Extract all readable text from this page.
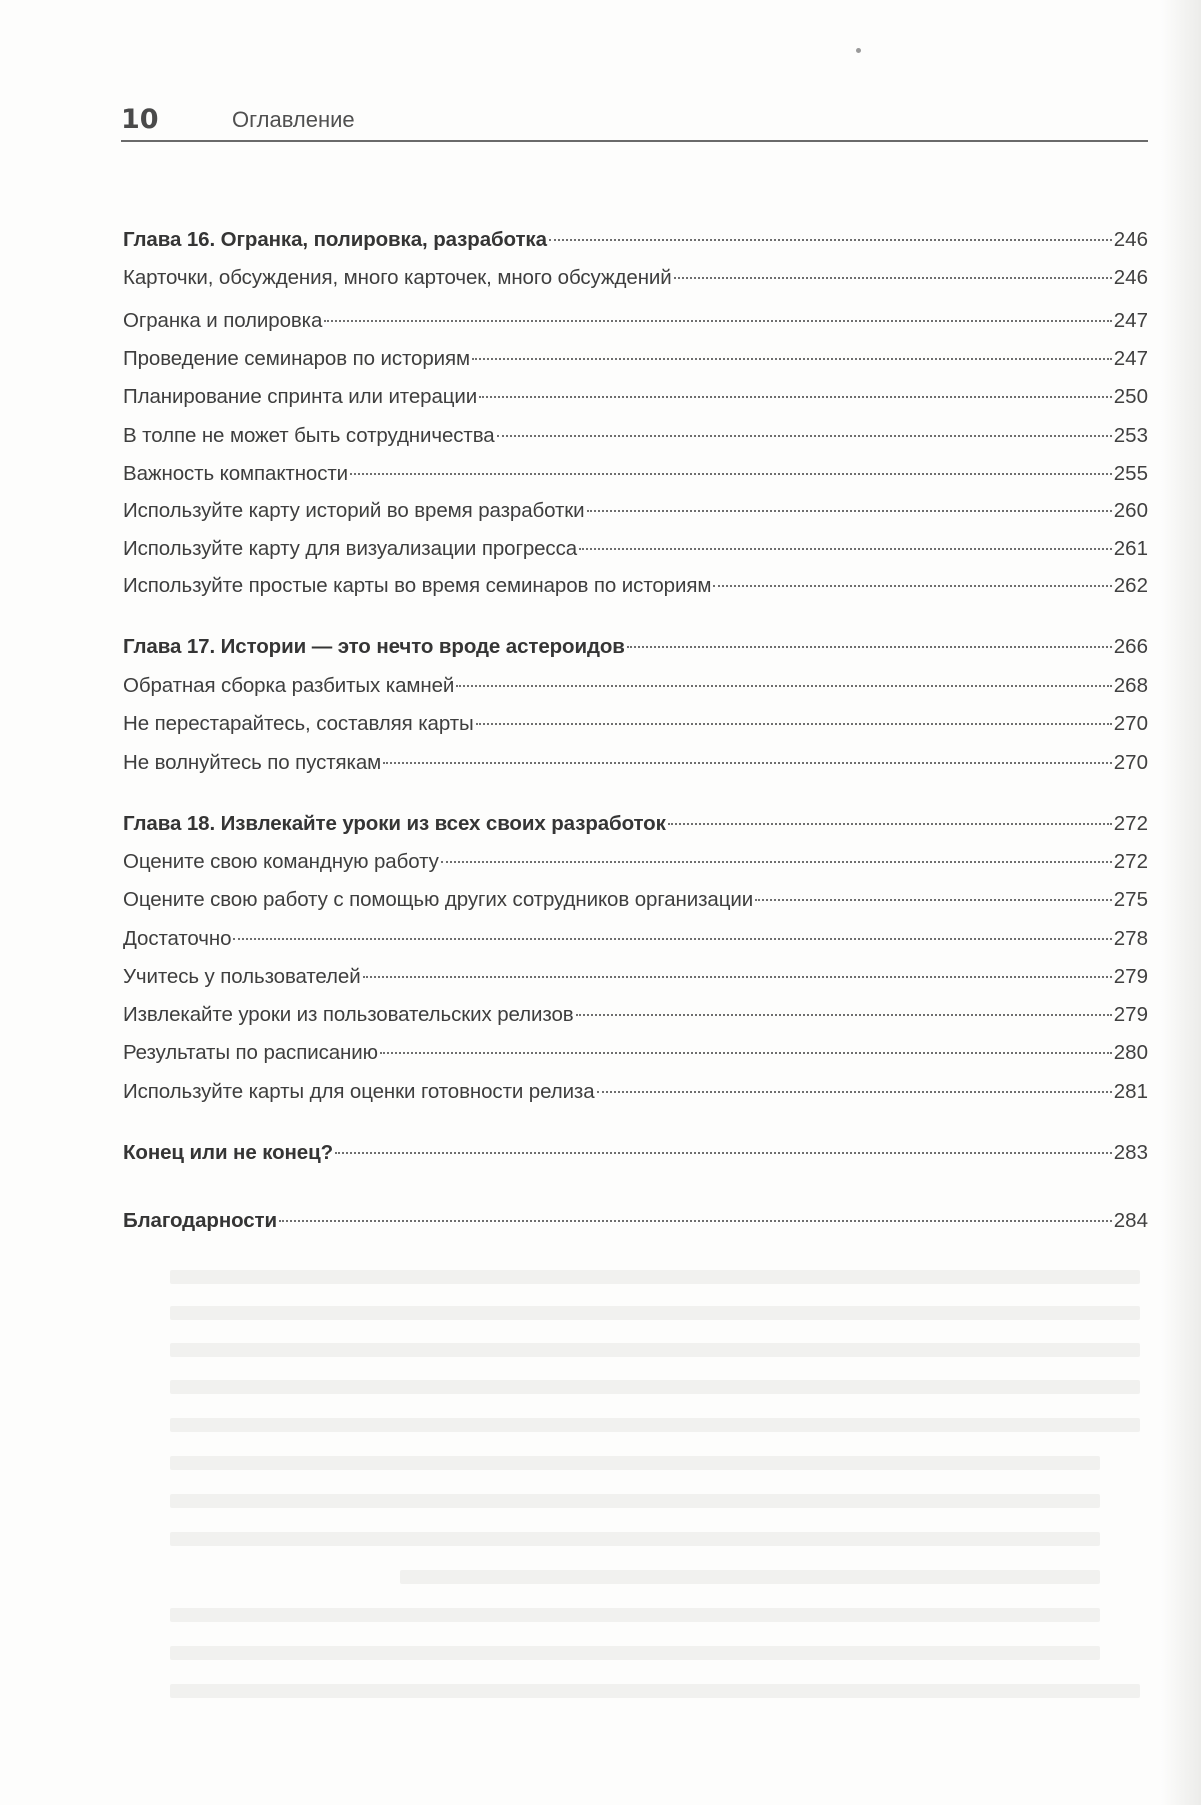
10	Оглавление
Глава 16. Огранка, полировка, разработка	246
Карточки, обсуждения, много карточек, много обсуждений	246
Огранка и полировка	247
Проведение семинаров по историям	247
Планирование спринта или итерации	250
В толпе не может быть сотрудничества	253
Важность компактности	255
Используйте карту историй во время разработки	260
Используйте карту для визуализации прогресса	261
Используйте простые карты во время семинаров по историям	262
Глава 17. Истории — это нечто вроде астероидов	266
Обратная сборка разбитых камней	268
Не перестарайтесь, составляя карты	270
Не волнуйтесь по пустякам	270
Глава 18. Извлекайте уроки из всех своих разработок	272
Оцените свою командную работу	272
Оцените свою работу с помощью других сотрудников организации	275
Достаточно	278
Учитесь у пользователей	279
Извлекайте уроки из пользовательских релизов	279
Результаты по расписанию	280
Используйте карты для оценки готовности релиза	281
Конец или не конец?	283
Благодарности	284
